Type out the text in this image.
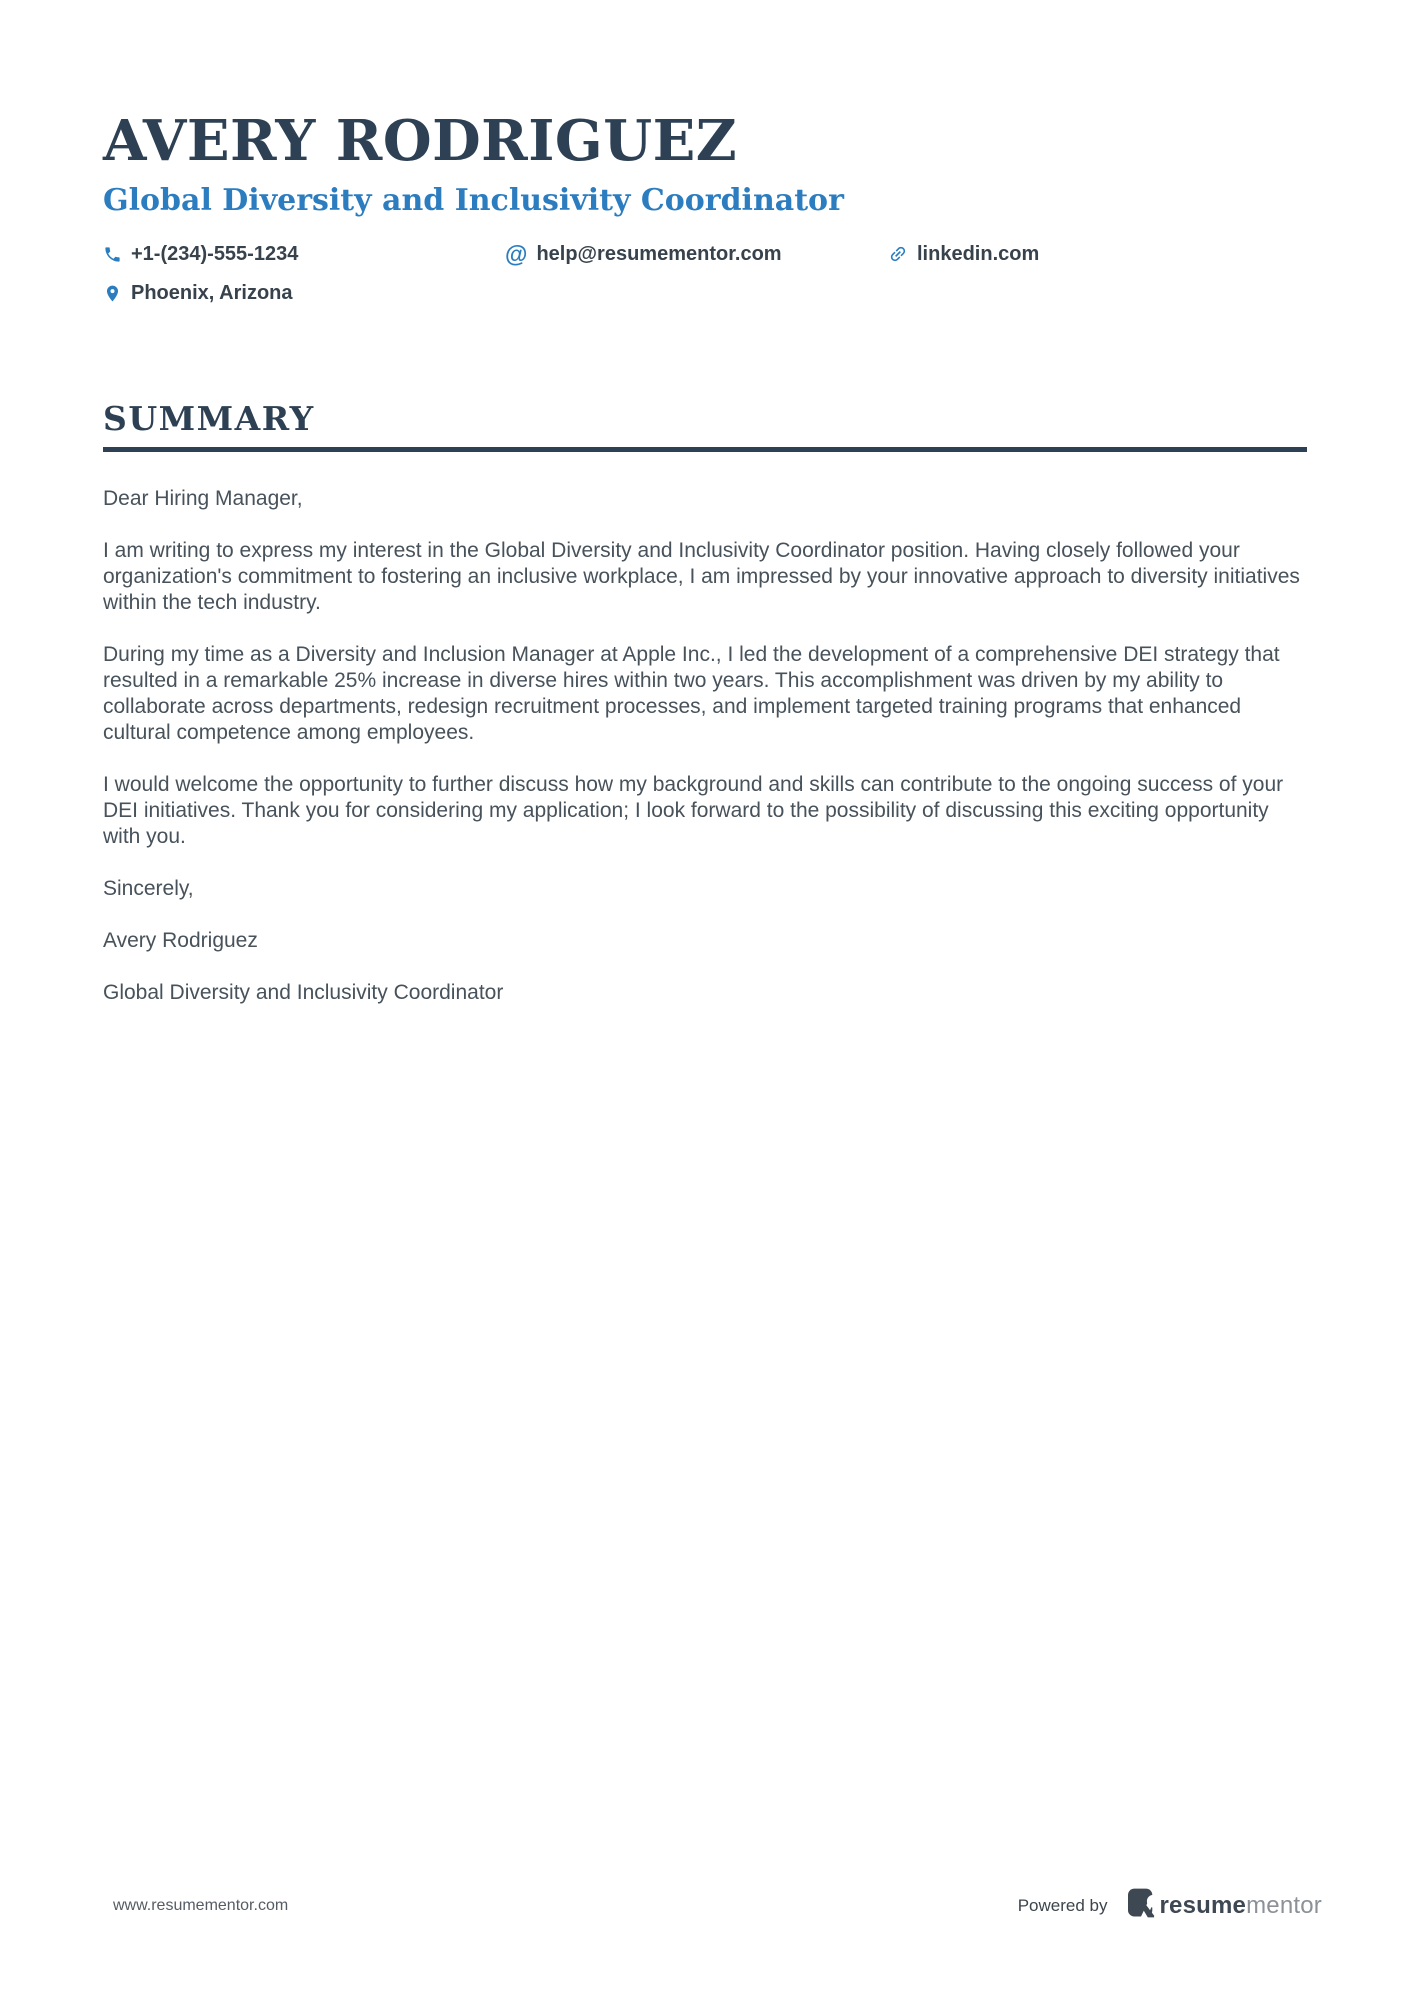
AVERY RODRIGUEZ
Global Diversity and Inclusivity Coordinator
+1-(234)-555-1234	@ help@resumementor.com	linkedin.com
Phoenix, Arizona
SUMMARY

Dear Hiring Manager,

I am writing to express my interest in the Global Diversity and Inclusivity Coordinator position. Having closely followed your organization's commitment to fostering an inclusive workplace, I am impressed by your innovative approach to diversity initiatives within the tech industry.

During my time as a Diversity and Inclusion Manager at Apple Inc., I led the development of a comprehensive DEI strategy that resulted in a remarkable 25% increase in diverse hires within two years. This accomplishment was driven by my ability to collaborate across departments, redesign recruitment processes, and implement targeted training programs that enhanced cultural competence among employees.

I would welcome the opportunity to further discuss how my background and skills can contribute to the ongoing success of your DEI initiatives. Thank you for considering my application; I look forward to the possibility of discussing this exciting opportunity with you.

Sincerely,

Avery Rodriguez

Global Diversity and Inclusivity Coordinator

www.resumementor.com	Powered by resumementor
